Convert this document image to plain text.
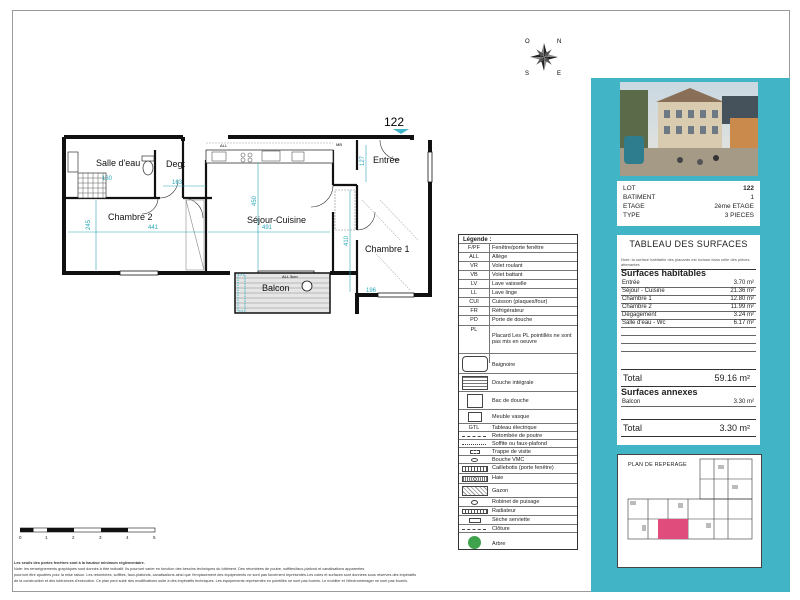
N
E
S
O
122
441	491
245
450
410
163
127
130
196
Salle d'eau	Degt	Entrée
Chambre 2	Séjour-Cuisine
Chambre 1
Balcon
ALL
ALL 5cm
MB
0	1	2	3	4	5
Légende :
F/PF	Fenêtre/porte fenêtre
ALL	Allège
VR	Volet roulant
VB	Volet battant
LV	Lave vaisselle
LL	Lave linge
CUI	Cuisson (plaques/four)
FR	Réfrigérateur
PD	Porte de douche
PL
Placard Les PL pointillés ne sont pas mis en oeuvre
Baignoire
Douche intégrale
Bac de douche
Meuble vasque
GTL	Tableau électrique
Retombée de poutre
Soffite ou faux-plafond
Trappe de visite
Bouche VMC
Caillebotis (porte fenêtre)
Haie
Gazon
Robinet de puisage
Radiateur
Sèche serviette
Clôture
Arbre
LOT	122
BATIMENT	1
ETAGE	2ème ETAGE
TYPE	3 PIECES
TABLEAU DES SURFACES
Note: la surface habitable des placards est incluse dans celle des pièces attenantes
Surfaces habitables
Entrée	3.70 m²
Séjour - Cuisine	21.36 m²
Chambre 1	12.80 m²
Chambre 2	11.99 m²
Dégagement	3.24 m²
Salle d'eau - Wc	6.17 m²
Total	59.16 m²
Surfaces annexes
Balcon	3.30 m²
Total	3.30 m²
PLAN DE REPERAGE
Les seuils des portes fenêtres sont à la hauteur minimum réglementaire.
Note: les renseignements graphiques sont donnés à titre indicatif. Ils pourront varier en fonction des besoins techniques du bâtiment. Des retombées de poutre, soffites/faux-plafond et canalisations apparentes
pourront être ajoutées pour la mise raison. Les retombées, soffites, faux-plafonds, canalisations ainsi que l'emplacement des équipements ne sont pas forcément représentés.Les cotes et surfaces sont données sous réserves des impératifs
de la construction et des tolérances d'exécution. Ce plan peut subir des modifications suite à des impératifs techniques. Les équipements représentés en pointillés ne sont pas fournis. Le mobilier et l'électroménager ne sont pas fournis.
